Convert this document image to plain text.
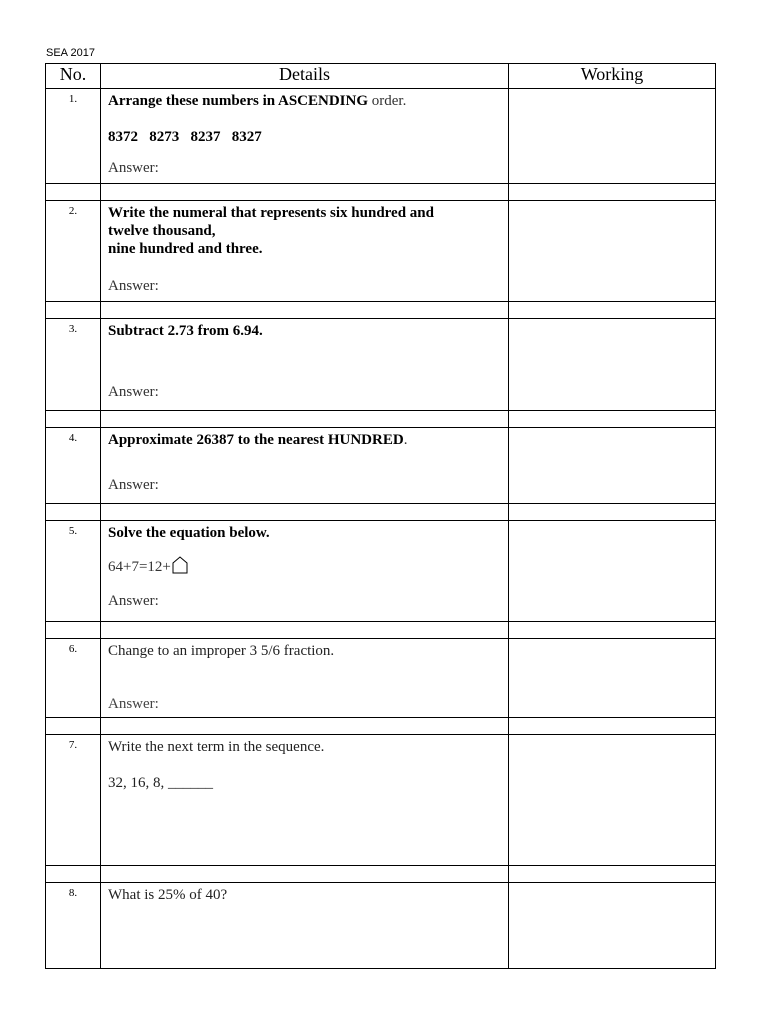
SEA 2017
No.	Details	Working
1.	Arrange these numbers in ASCENDING order.
8372   8273   8237   8327
Answer:	

2.	Write the numeral that represents six hundred and twelve thousand,
nine hundred and three.
Answer:	

3.	Subtract 2.73 from 6.94.
Answer:	

4.	Approximate 26387 to the nearest HUNDRED.
Answer:	

5.	Solve the equation below.
64+7=12+
Answer:	

6.	Change to an improper 3 5/6 fraction.
Answer:	

7.	Write the next term in the sequence.
32, 16, 8, ______	

8.	What is 25% of 40?	
